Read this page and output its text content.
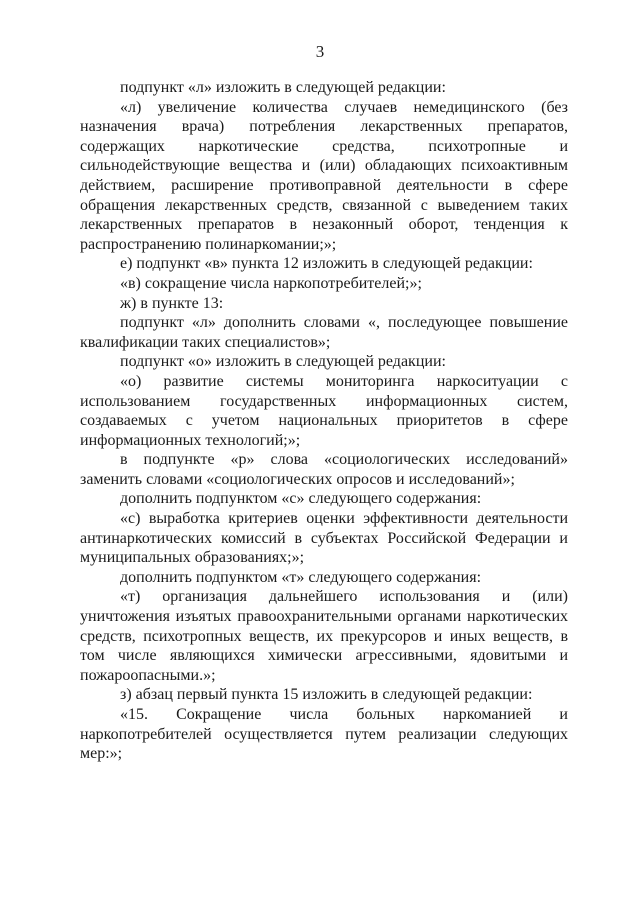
3

подпункт «л» изложить в следующей редакции:

«л) увеличение количества случаев немедицинского (без назначения врача) потребления лекарственных препаратов, содержащих наркотические средства, психотропные и сильнодействующие вещества и (или) обладающих психоактивным действием, расширение противоправной деятельности в сфере обращения лекарственных средств, связанной с выведением таких лекарственных препаратов в незаконный оборот, тенденция к распространению полинаркомании;»;

е) подпункт «в» пункта 12 изложить в следующей редакции:

«в) сокращение числа наркопотребителей;»;

ж) в пункте 13:

подпункт «л» дополнить словами «, последующее повышение квалификации таких специалистов»;

подпункт «о» изложить в следующей редакции:

«о) развитие системы мониторинга наркоситуации с использованием государственных информационных систем, создаваемых с учетом национальных приоритетов в сфере информационных технологий;»;

в подпункте «р» слова «социологических исследований» заменить словами «социологических опросов и исследований»;

дополнить подпунктом «с» следующего содержания:

«с) выработка критериев оценки эффективности деятельности антинаркотических комиссий в субъектах Российской Федерации и муниципальных образованиях;»;

дополнить подпунктом «т» следующего содержания:

«т) организация дальнейшего использования и (или) уничтожения изъятых правоохранительными органами наркотических средств, психотропных веществ, их прекурсоров и иных веществ, в том числе являющихся химически агрессивными, ядовитыми и пожароопасными.»;

з) абзац первый пункта 15 изложить в следующей редакции:

«15. Сокращение числа больных наркоманией и наркопотребителей осуществляется путем реализации следующих мер:»;
